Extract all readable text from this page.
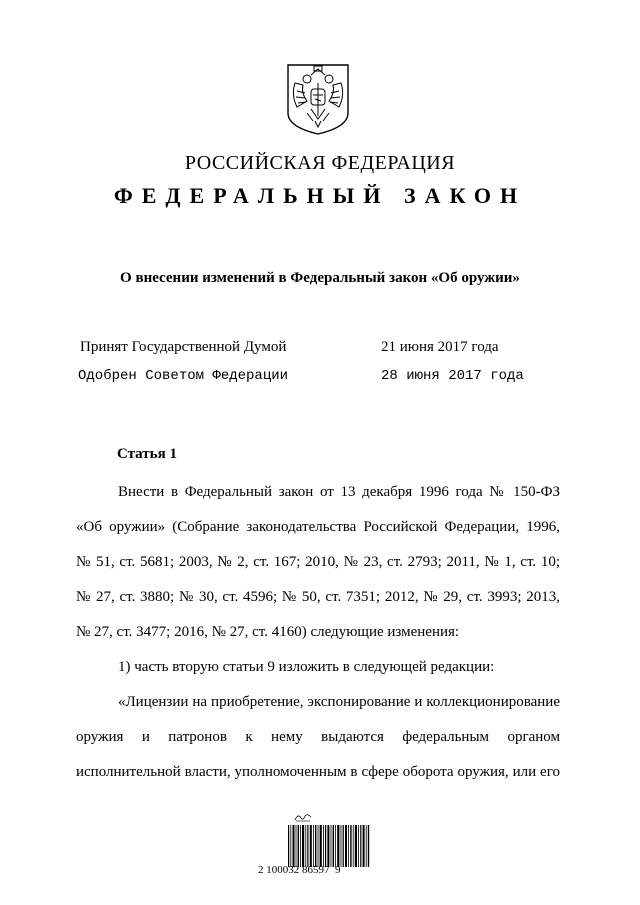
РОССИЙСКАЯ ФЕДЕРАЦИЯ
ФЕДЕРАЛЬНЫЙ ЗАКОН
О внесении изменений в Федеральный закон «Об оружии»
Принят Государственной Думой	21 июня 2017 года
Одобрен Советом Федерации	28 июня 2017 года
Статья 1
Внести в Федеральный закон от 13 декабря 1996 года № 150-ФЗ
«Об оружии» (Собрание законодательства Российской Федерации, 1996,
№ 51, ст. 5681; 2003, № 2, ст. 167; 2010, № 23, ст. 2793; 2011, № 1, ст. 10;
№ 27, ст. 3880; № 30, ст. 4596; № 50, ст. 7351; 2012, № 29, ст. 3993; 2013,
№ 27, ст. 3477; 2016, № 27, ст. 4160) следующие изменения:
1) часть вторую статьи 9 изложить в следующей редакции:
«Лицензии на приобретение, экспонирование и коллекционирование
оружия и патронов к нему выдаются федеральным органом
исполнительной власти, уполномоченным в сфере оборота оружия, или его
2 100032 86597  9
